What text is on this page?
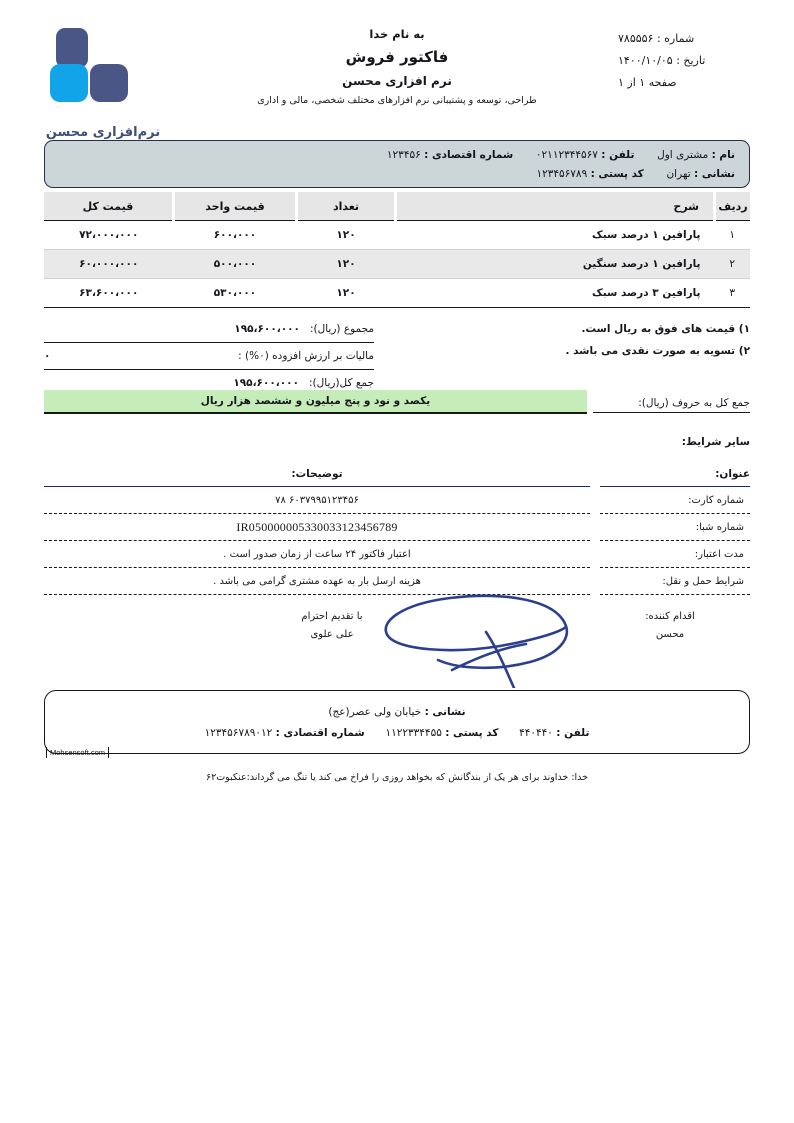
شماره : ۷۸۵۵۵۶
تاریخ : ۱۴۰۰/۱۰/۰۵
صفحه ۱ از ۱
به نام خدا
فاکتور فروش
نرم افزاری محسن
طراحی، توسعه و پشتیبانی نرم افزارهای مختلف شخصی، مالی و اداری
نرم‌افزاری محسن
نام : مشتری اول  تلفن : ۰۲۱۱۲۳۴۴۵۶۷  شماره اقتصادی : ۱۲۳۴۵۶
نشانی : تهران  کد پستی : ۱۲۳۴۵۶۷۸۹
ردیف	شرح	تعداد	قیمت واحد	قیمت کل
۱	پارافین ۱ درصد سبک	۱۲۰	۶۰۰،۰۰۰	۷۲،۰۰۰،۰۰۰
۲	پارافین ۱ درصد سنگین	۱۲۰	۵۰۰،۰۰۰	۶۰،۰۰۰،۰۰۰
۳	پارافین ۳ درصد سبک	۱۲۰	۵۳۰،۰۰۰	۶۳،۶۰۰،۰۰۰
۱) قیمت های فوق به ریال است.
۲) تسویه به صورت نقدی می باشد .
مجموع (ریال):
۱۹۵،۶۰۰،۰۰۰
مالیات بر ارزش افزوده (۰%) :
۰
جمع کل(ریال):
۱۹۵،۶۰۰،۰۰۰
جمع کل به حروف (ریال):
یکصد و نود و پنج میلیون و ششصد هزار ریال
سایر شرایط:
عنوان:		توضیحات:
شماره کارت:		۶۰۳۷۹۹۵۱۲۳۴۵۶ ۷۸
شماره شبا:		IR050000005330033123456789
مدت اعتبار:		اعتبار فاکتور ۲۴ ساعت از زمان صدور است .
شرایط حمل و نقل:		هزینه ارسل بار به عهده مشتری گرامی می باشد .
اقدام کننده:
محسن
با تقدیم احترام
علی علوی
نشانی : خیابان ولی عصر(عج)
تلفن : ۴۴۰۴۴۰  کد پستی : ۱۱۲۲۳۳۴۴۵۵  شماره اقتصادی : ۱۲۳۴۵۶۷۸۹۰۱۲
Mohsensoft.com
خدا: خداوند برای هر یک از بندگانش که بخواهد روزی را فراخ می کند یا تنگ می گرداند:عنکبوت۶۲
